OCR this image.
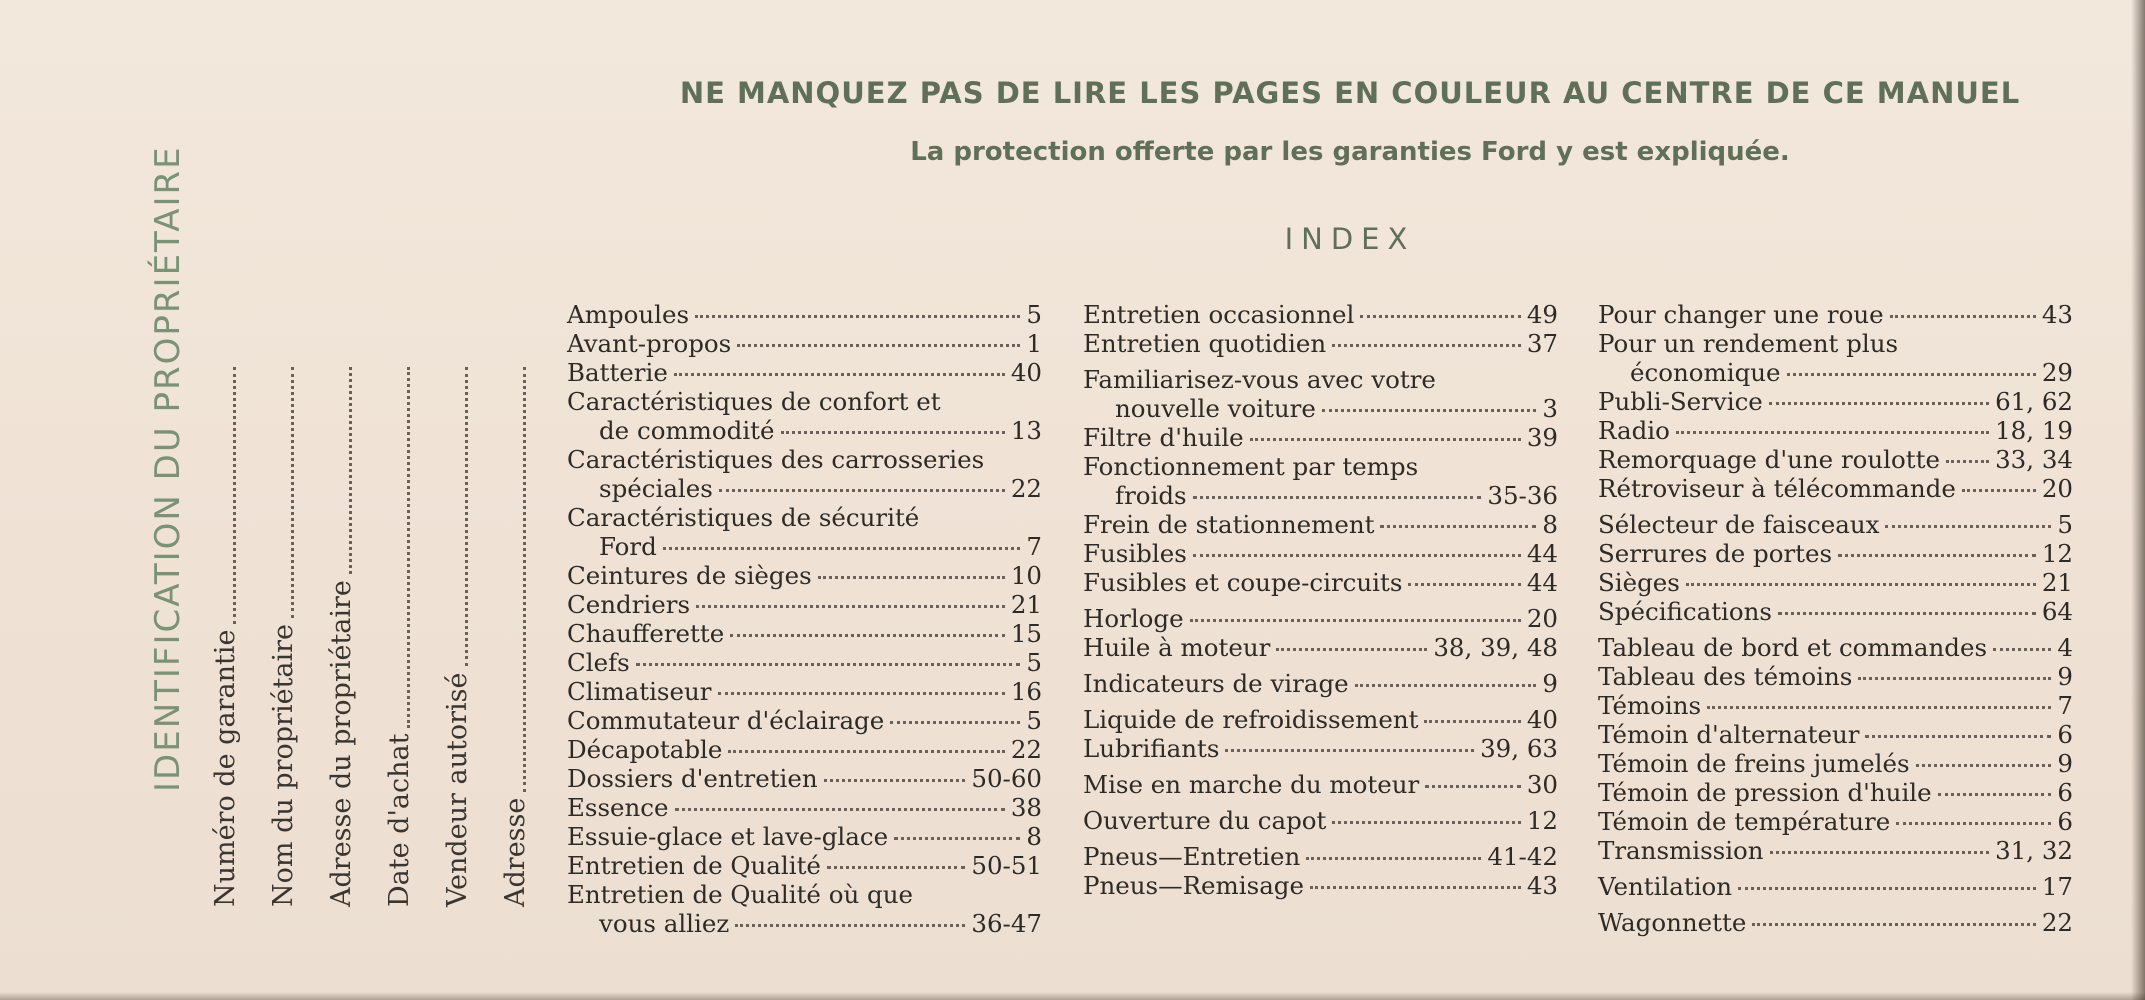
IDENTIFICATION DU PROPRIÉTAIRE Numéro de garantie Nom du propriétaire Adresse du propriétaire Date d'achat Vendeur autorisé Adresse
NE MANQUEZ PAS DE LIRE LES PAGES EN COULEUR AU CENTRE DE CE MANUEL
La protection offerte par les garanties Ford y est expliquée.
INDEX
Ampoules	5
Avant-propos	1
Batterie	40
Caractéristiques de confort et
de commodité	13
Caractéristiques des carrosseries
spéciales	22
Caractéristiques de sécurité
Ford	7
Ceintures de sièges	10
Cendriers	21
Chaufferette	15
Clefs	5
Climatiseur	16
Commutateur d'éclairage	5
Décapotable	22
Dossiers d'entretien	50-60
Essence	38
Essuie-glace et lave-glace	8
Entretien de Qualité	50-51
Entretien de Qualité où que
vous alliez	36-47
Entretien occasionnel	49
Entretien quotidien	37
Familiarisez-vous avec votre
nouvelle voiture	3
Filtre d'huile	39
Fonctionnement par temps
froids	35-36
Frein de stationnement	8
Fusibles	44
Fusibles et coupe-circuits	44
Horloge	20
Huile à moteur	38, 39, 48
Indicateurs de virage	9
Liquide de refroidissement	40
Lubrifiants	39, 63
Mise en marche du moteur	30
Ouverture du capot	12
Pneus—Entretien	41-42
Pneus—Remisage	43
Pour changer une roue	43
Pour un rendement plus
économique	29
Publi-Service	61, 62
Radio	18, 19
Remorquage d'une roulotte 33, 34
Rétroviseur à télécommande	20
Sélecteur de faisceaux	5
Serrures de portes	12
Sièges	21
Spécifications	64
Tableau de bord et commandes	4
Tableau des témoins	9
Témoins	7
Témoin d'alternateur	6
Témoin de freins jumelés	9
Témoin de pression d'huile	6
Témoin de température	6
Transmission	31, 32
Ventilation	17
Wagonnette	22
